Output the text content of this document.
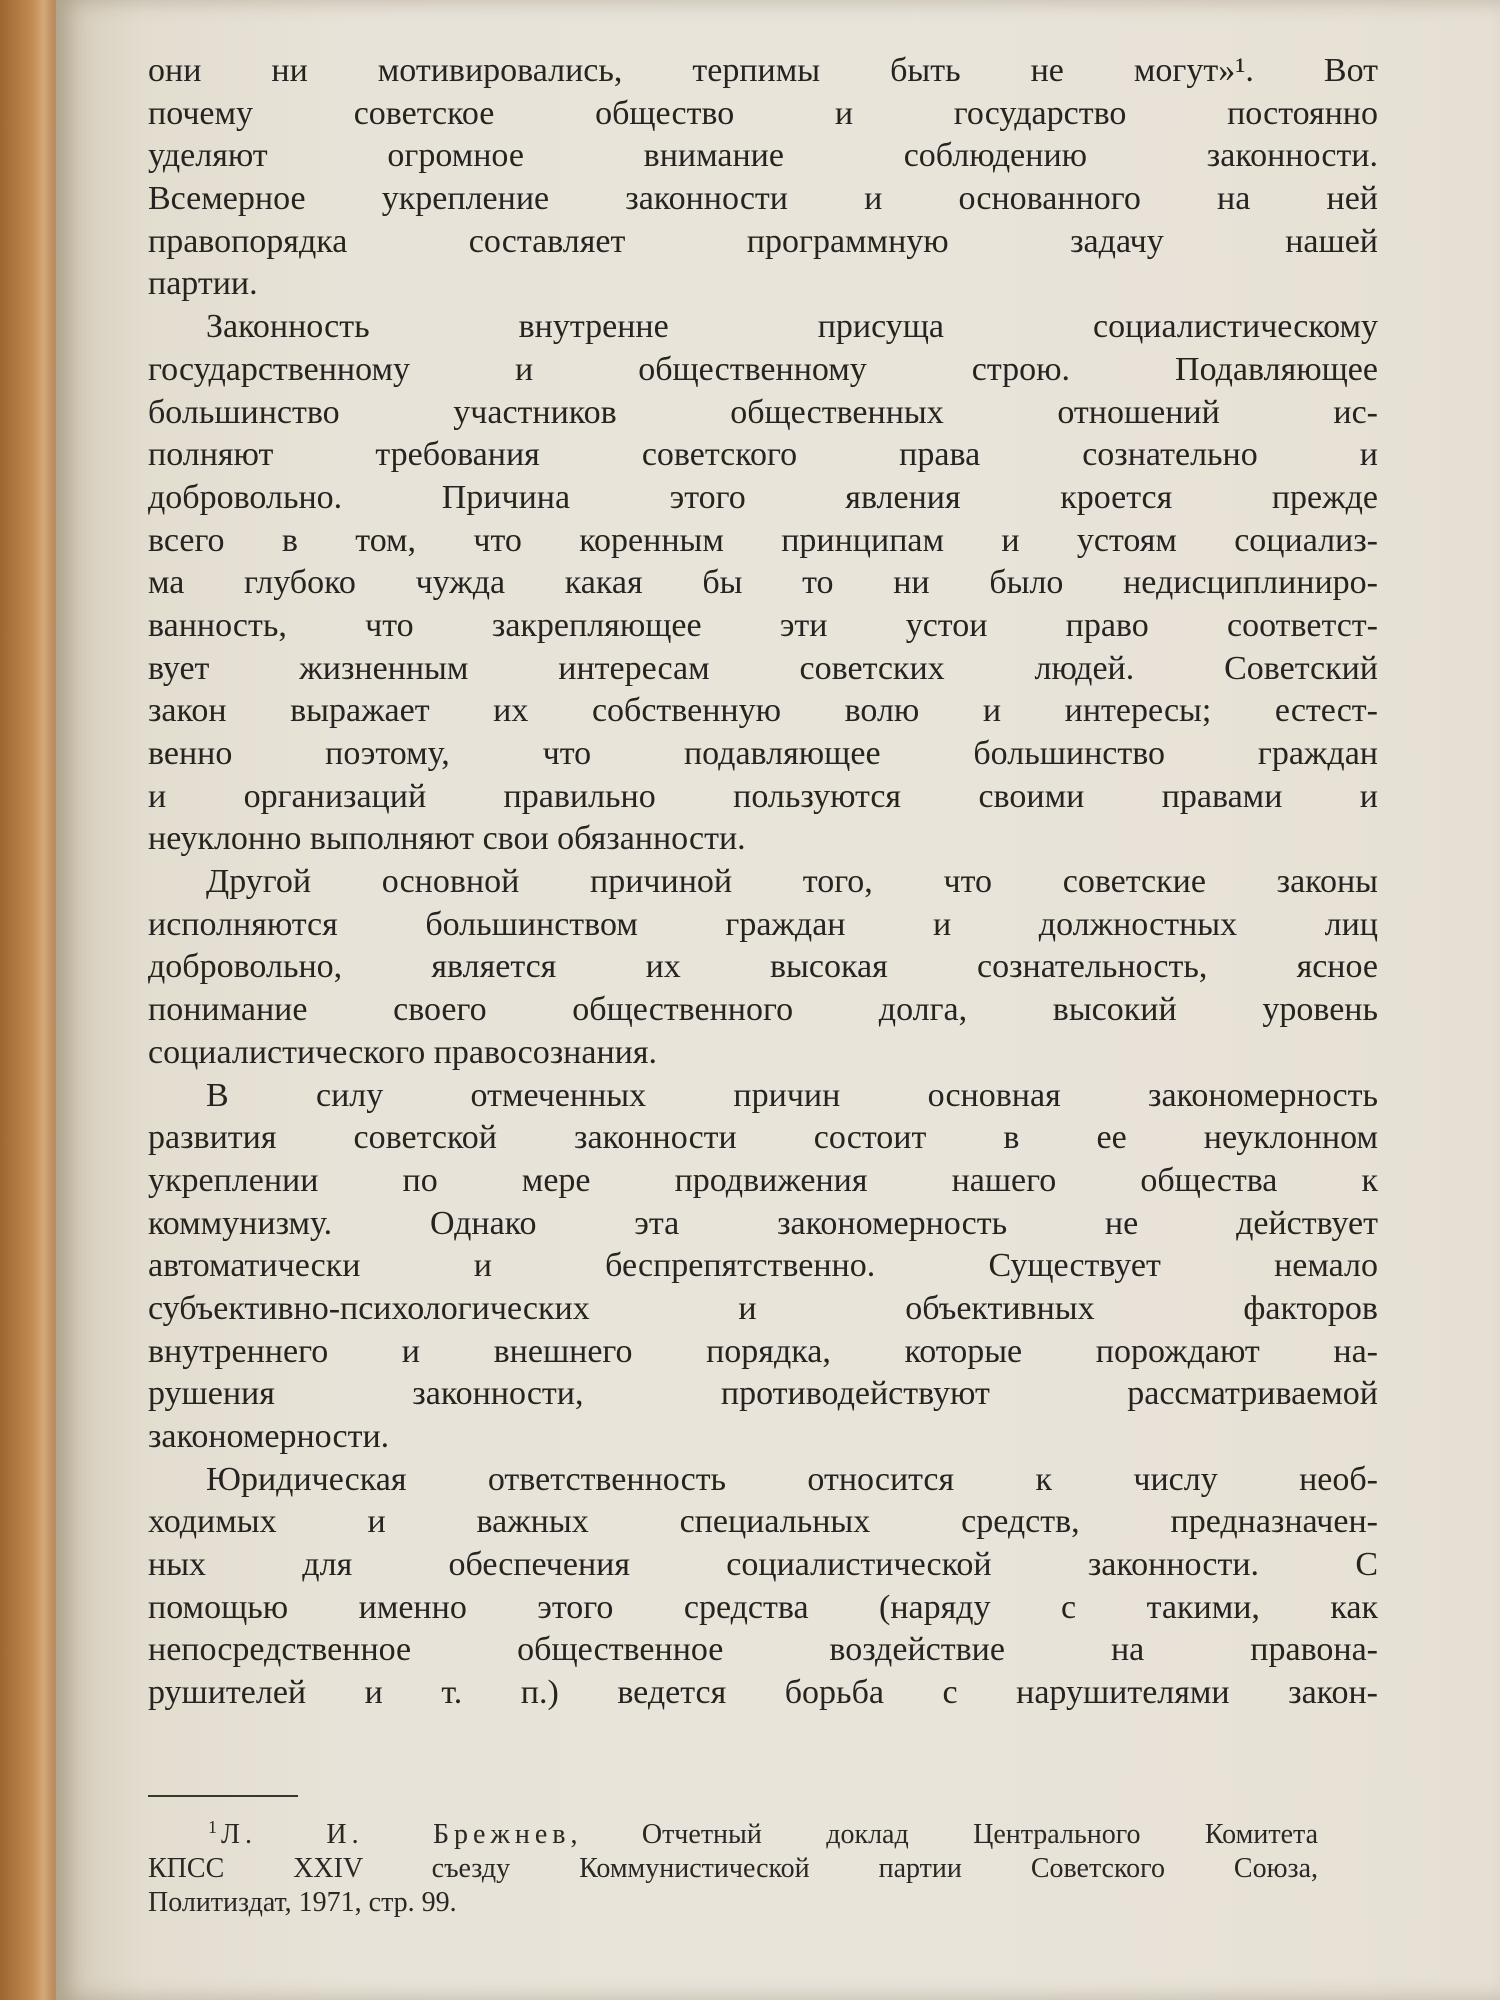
они ни мотивировались, терпимы быть не могут»¹. Вот
почему советское общество и государство постоянно
уделяют огромное внимание соблюдению законности.
Всемерное укрепление законности и основанного на ней
правопорядка составляет программную задачу нашей
партии.
Законность внутренне присуща социалистическому
государственному и общественному строю. Подавляющее
большинство участников общественных отношений ис-
полняют требования советского права сознательно и
добровольно. Причина этого явления кроется прежде
всего в том, что коренным принципам и устоям социализ-
ма глубоко чужда какая бы то ни было недисциплиниро-
ванность, что закрепляющее эти устои право соответст-
вует жизненным интересам советских людей. Советский
закон выражает их собственную волю и интересы; естест-
венно поэтому, что подавляющее большинство граждан
и организаций правильно пользуются своими правами и
неуклонно выполняют свои обязанности.
Другой основной причиной того, что советские законы
исполняются большинством граждан и должностных лиц
добровольно, является их высокая сознательность, ясное
понимание своего общественного долга, высокий уровень
социалистического правосознания.
В силу отмеченных причин основная закономерность
развития советской законности состоит в ее неуклонном
укреплении по мере продвижения нашего общества к
коммунизму. Однако эта закономерность не действует
автоматически и беспрепятственно. Существует немало
субъективно-психологических и объективных факторов
внутреннего и внешнего порядка, которые порождают на-
рушения законности, противодействуют рассматриваемой
закономерности.
Юридическая ответственность относится к числу необ-
ходимых и важных специальных средств, предназначен-
ных для обеспечения социалистической законности. С
помощью именно этого средства (наряду с такими, как
непосредственное общественное воздействие на правона-
рушителей и т. п.) ведется борьба с нарушителями закон-
$^1$ Л. И. Брежнев, Отчетный доклад Центрального Комитета
КПСС XXIV съезду Коммунистической партии Советского Союза,
Политиздат, 1971, стр. 99.
